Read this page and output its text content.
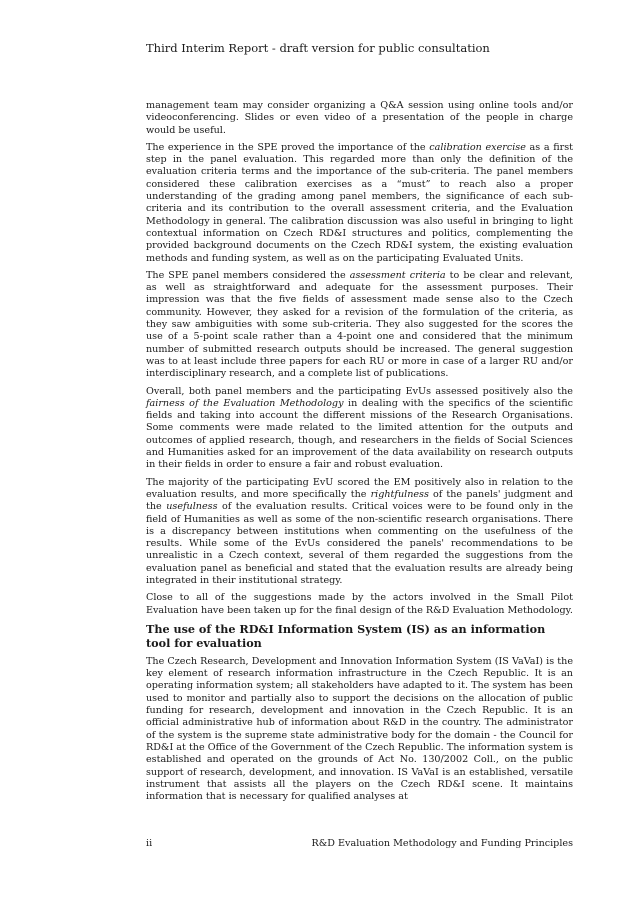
Third Interim Report - draft version for public consultation

management team may consider organizing a Q&A session using online tools and/or videoconferencing. Slides or even video of a presentation of the people in charge would be useful.

The experience in the SPE proved the importance of the calibration exercise as a first step in the panel evaluation. This regarded more than only the definition of the evaluation criteria terms and the importance of the sub-criteria. The panel members considered these calibration exercises as a “must” to reach also a proper understanding of the grading among panel members, the significance of each sub-criteria and its contribution to the overall assessment criteria, and the Evaluation Methodology in general. The calibration discussion was also useful in bringing to light contextual information on Czech RD&I structures and politics, complementing the provided background documents on the Czech RD&I system, the existing evaluation methods and funding system, as well as on the participating Evaluated Units.

The SPE panel members considered the assessment criteria to be clear and relevant, as well as straightforward and adequate for the assessment purposes. Their impression was that the five fields of assessment made sense also to the Czech community. However, they asked for a revision of the formulation of the criteria, as they saw ambiguities with some sub-criteria. They also suggested for the scores the use of a 5-point scale rather than a 4-point one and considered that the minimum number of submitted research outputs should be increased. The general suggestion was to at least include three papers for each RU or more in case of a larger RU and/or interdisciplinary research, and a complete list of publications.

Overall, both panel members and the participating EvUs assessed positively also the fairness of the Evaluation Methodology in dealing with the specifics of the scientific fields and taking into account the different missions of the Research Organisations. Some comments were made related to the limited attention for the outputs and outcomes of applied research, though, and researchers in the fields of Social Sciences and Humanities asked for an improvement of the data availability on research outputs in their fields in order to ensure a fair and robust evaluation.

The majority of the participating EvU scored the EM positively also in relation to the evaluation results, and more specifically the rightfulness of the panels' judgment and the usefulness of the evaluation results. Critical voices were to be found only in the field of Humanities as well as some of the non-scientific research organisations. There is a discrepancy between institutions when commenting on the usefulness of the results. While some of the EvUs considered the panels' recommendations to be unrealistic in a Czech context, several of them regarded the suggestions from the evaluation panel as beneficial and stated that the evaluation results are already being integrated in their institutional strategy.

Close to all of the suggestions made by the actors involved in the Small Pilot Evaluation have been taken up for the final design of the R&D Evaluation Methodology.

The use of the RD&I Information System (IS) as an information tool for evaluation

The Czech Research, Development and Innovation Information System (IS VaVaI) is the key element of research information infrastructure in the Czech Republic. It is an operating information system; all stakeholders have adapted to it. The system has been used to monitor and partially also to support the decisions on the allocation of public funding for research, development and innovation in the Czech Republic. It is an official administrative hub of information about R&D in the country. The administrator of the system is the supreme state administrative body for the domain - the Council for RD&I at the Office of the Government of the Czech Republic. The information system is established and operated on the grounds of Act No. 130/2002 Coll., on the public support of research, development, and innovation. IS VaVaI is an established, versatile instrument that assists all the players on the Czech RD&I scene. It maintains information that is necessary for qualified analyses at

ii	R&D Evaluation Methodology and Funding Principles
